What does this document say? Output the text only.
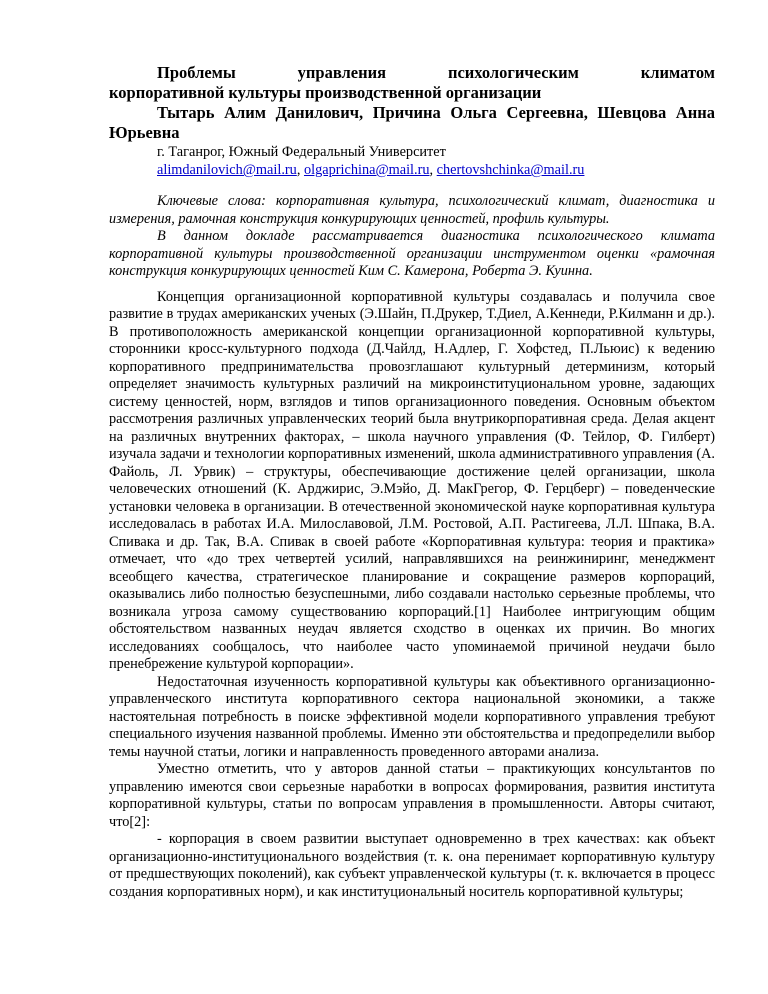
Проблемы управления психологическим климатом
корпоративной культуры производственной организации
Тытарь Алим Данилович, Причина Ольга Сергеевна, Шевцова Анна Юрьевна
г. Таганрог, Южный Федеральный Университет
alimdanilovich@mail.ru, olgaprichina@mail.ru, chertovshchinka@mail.ru
Ключевые слова: корпоративная культура, психологический климат, диагностика и измерения, рамочная конструкция конкурирующих ценностей, профиль культуры.
В данном докладе рассматривается диагностика психологического климата корпоративной культуры производственной организации инструментом оценки «рамочная конструкция конкурирующих ценностей Ким С. Камерона, Роберта Э. Куинна.

Концепция организационной корпоративной культуры создавалась и получила свое развитие в трудах американских ученых (Э.Шайн, П.Друкер, Т.Диел, А.Кеннеди, Р.Килманн и др.). В противоположность американской концепции организационной корпоративной культуры, сторонники кросс-культурного подхода (Д.Чайлд, Н.Адлер, Г. Хофстед, П.Льюис) к ведению корпоративного предпринимательства провозглашают культурный детерминизм, который определяет значимость культурных различий на микроинституциональном уровне, задающих систему ценностей, норм, взглядов и типов организационного поведения. Основным объектом рассмотрения различных управленческих теорий была внутрикорпоративная среда. Делая акцент на различных внутренних факторах, – школа научного управления (Ф. Тейлор, Ф. Гилберт) изучала задачи и технологии корпоративных изменений, школа административного управления (А. Файоль, Л. Урвик) – структуры, обеспечивающие достижение целей организации, школа человеческих отношений (К. Арджирис, Э.Мэйо, Д. МакГрегор, Ф. Герцберг) – поведенческие установки человека в организации. В отечественной экономической науке корпоративная культура исследовалась в работах И.А. Милославовой, Л.М. Ростовой, А.П. Растигеева, Л.Л. Шпака, В.А. Спивака и др. Так, В.А. Спивак в своей работе «Корпоративная культура: теория и практика» отмечает, что «до трех четвертей усилий, направлявшихся на реинжиниринг, менеджмент всеобщего качества, стратегическое планирование и сокращение размеров корпораций, оказывались либо полностью безуспешными, либо создавали настолько серьезные проблемы, что возникала угроза самому существованию корпораций.[1] Наиболее интригующим общим обстоятельством названных неудач является сходство в оценках их причин. Во многих исследованиях сообщалось, что наиболее часто упоминаемой причиной неудачи было пренебрежение культурой корпорации».

Недостаточная изученность корпоративной культуры как объективного организационно-управленческого института корпоративного сектора национальной экономики, а также настоятельная потребность в поиске эффективной модели корпоративного управления требуют специального изучения названной проблемы. Именно эти обстоятельства и предопределили выбор темы научной статьи, логики и направленность проведенного авторами анализа.

Уместно отметить, что у авторов данной статьи – практикующих консультантов по управлению имеются свои серьезные наработки в вопросах формирования, развития института корпоративной культуры, статьи по вопросам управления в промышленности. Авторы считают, что[2]:

- корпорация в своем развитии выступает одновременно в трех качествах: как объект организационно-институционального воздействия (т. к. она перенимает корпоративную культуру от предшествующих поколений), как субъект управленческой культуры (т. к. включается в процесс создания корпоративных норм), и как институциональный носитель корпоративной культуры;
